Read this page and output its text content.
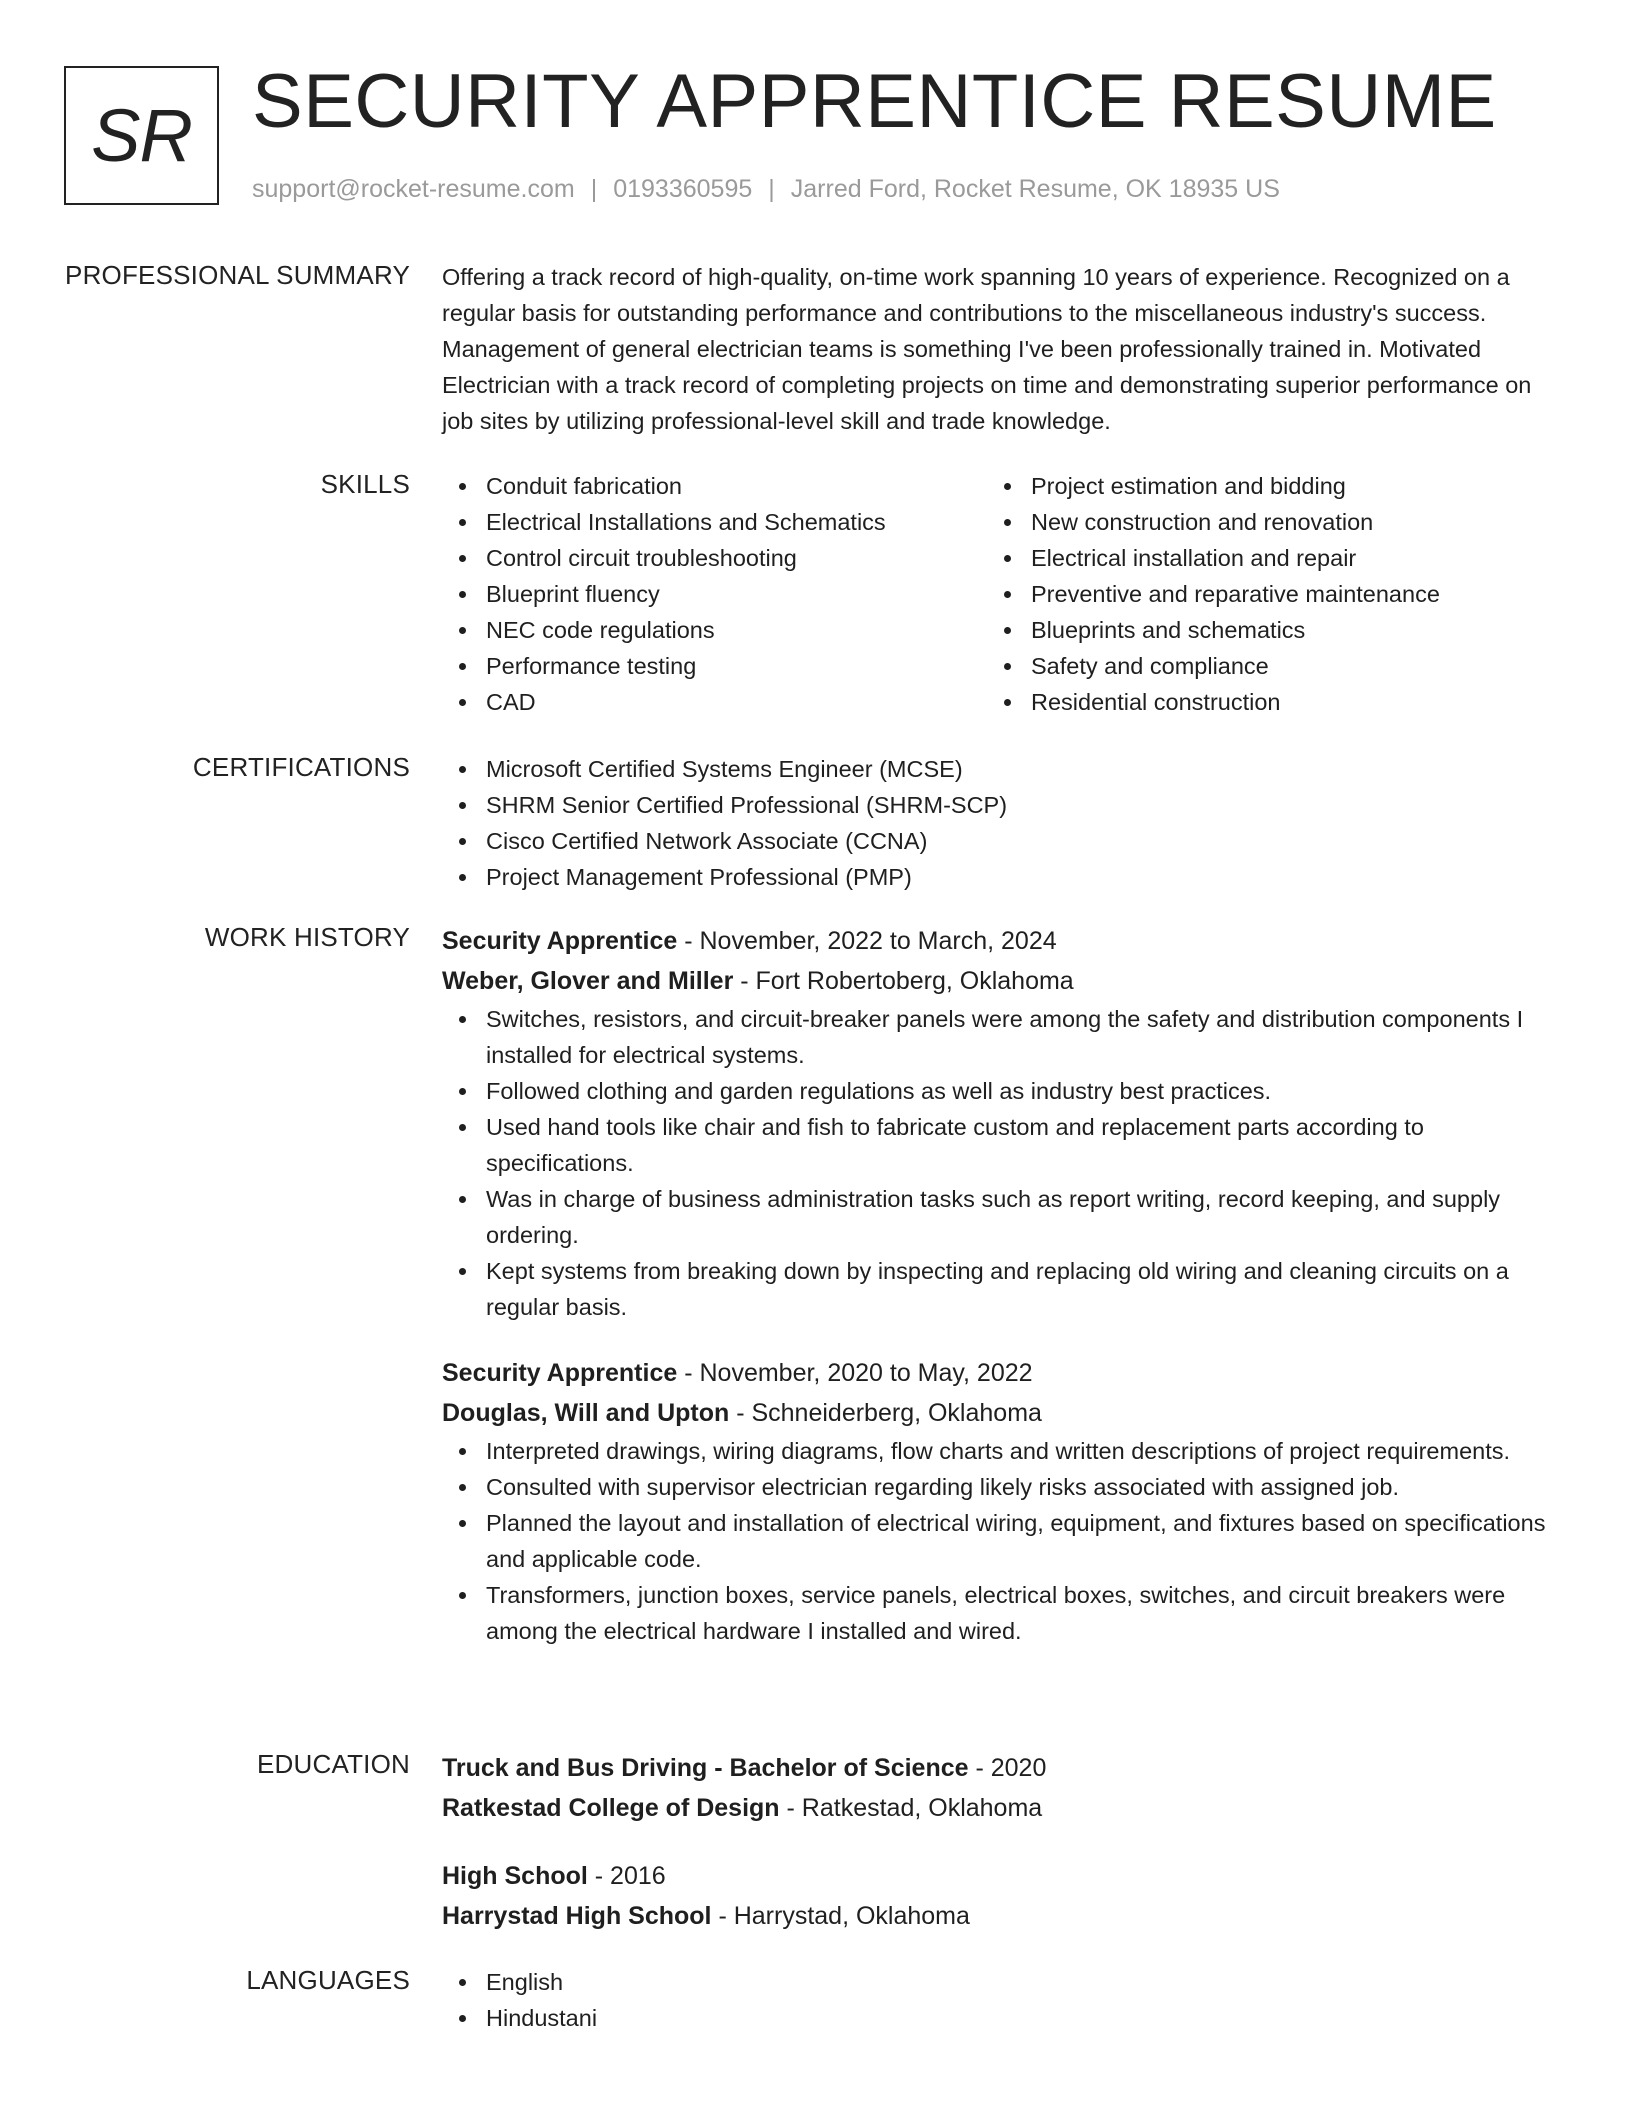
SR SECURITY APPRENTICE RESUME
support@rocket-resume.com | 0193360595 | Jarred Ford, Rocket Resume, OK 18935 US
PROFESSIONAL SUMMARY Offering a track record of high-quality, on-time work spanning 10 years of experience. Recognized on a regular basis for outstanding performance and contributions to the miscellaneous industry's success. Management of general electrician teams is something I've been professionally trained in. Motivated Electrician with a track record of completing projects on time and demonstrating superior performance on job sites by utilizing professional-level skill and trade knowledge.

SKILLS	Conduit fabrication
Electrical Installations and Schematics
Control circuit troubleshooting
Blueprint fluency
NEC code regulations
Performance testing
CAD
Project estimation and bidding
New construction and renovation
Electrical installation and repair
Preventive and reparative maintenance
Blueprints and schematics
Safety and compliance
Residential construction
CERTIFICATIONS	Microsoft Certified Systems Engineer (MCSE)
SHRM Senior Certified Professional (SHRM-SCP)
Cisco Certified Network Associate (CCNA)
Project Management Professional (PMP)
WORK HISTORY Security Apprentice - November, 2022 to March, 2024
Weber, Glover and Miller - Fort Robertoberg, Oklahoma
Switches, resistors, and circuit-breaker panels were among the safety and distribution components I installed for electrical systems.
Followed clothing and garden regulations as well as industry best practices.
Used hand tools like chair and fish to fabricate custom and replacement parts according to specifications.
Was in charge of business administration tasks such as report writing, record keeping, and supply ordering.
Kept systems from breaking down by inspecting and replacing old wiring and cleaning circuits on a regular basis.
Security Apprentice - November, 2020 to May, 2022
Douglas, Will and Upton - Schneiderberg, Oklahoma
Interpreted drawings, wiring diagrams, flow charts and written descriptions of project requirements.
Consulted with supervisor electrician regarding likely risks associated with assigned job.
Planned the layout and installation of electrical wiring, equipment, and fixtures based on specifications and applicable code.
Transformers, junction boxes, service panels, electrical boxes, switches, and circuit breakers were among the electrical hardware I installed and wired.
EDUCATION Truck and Bus Driving - Bachelor of Science - 2020
Ratkestad College of Design - Ratkestad, Oklahoma
High School - 2016
Harrystad High School - Harrystad, Oklahoma
LANGUAGES	English
Hindustani
